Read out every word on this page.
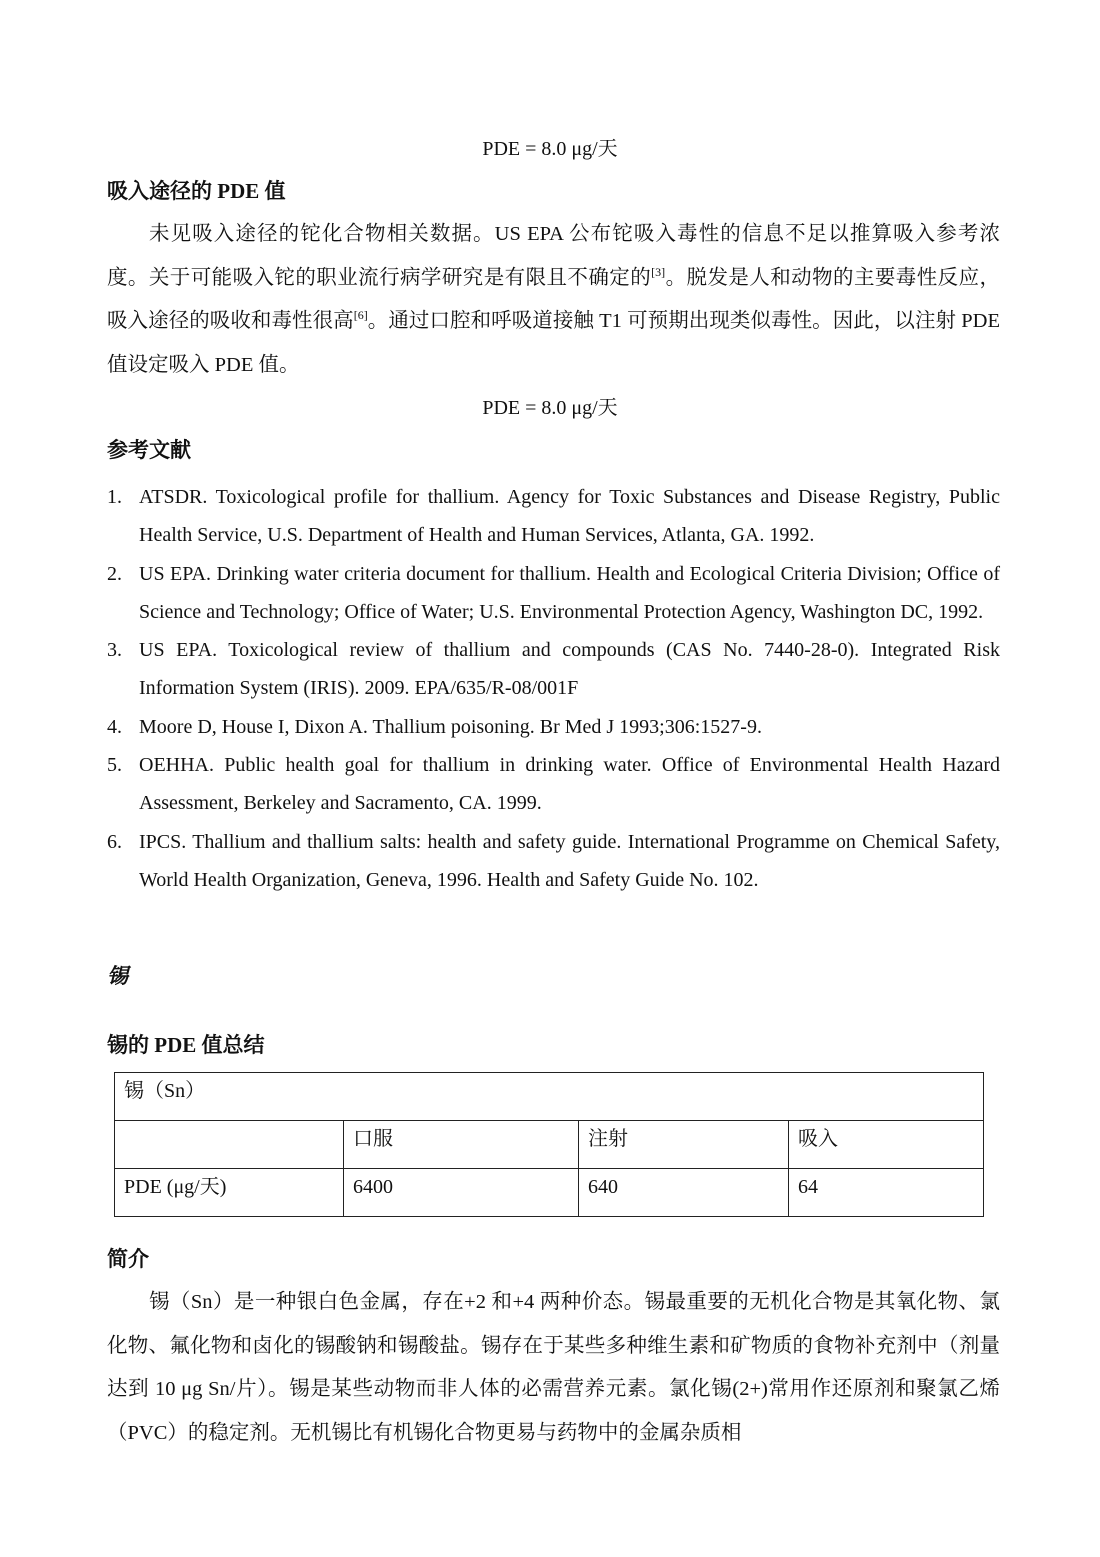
PDE = 8.0 μg/天
吸入途径的 PDE 值

未见吸入途径的铊化合物相关数据。US EPA 公布铊吸入毒性的信息不足以推算吸入参考浓度。关于可能吸入铊的职业流行病学研究是有限且不确定的[3]。脱发是人和动物的主要毒性反应，吸入途径的吸收和毒性很高[6]。通过口腔和呼吸道接触 T1 可预期出现类似毒性。因此，以注射 PDE 值设定吸入 PDE 值。

PDE = 8.0 μg/天
参考文献
1. ATSDR. Toxicological profile for thallium. Agency for Toxic Substances and Disease Registry, Public Health Service, U.S. Department of Health and Human Services, Atlanta, GA. 1992.
2. US EPA. Drinking water criteria document for thallium. Health and Ecological Criteria Division; Office of Science and Technology; Office of Water; U.S. Environmental Protection Agency, Washington DC, 1992.
3. US EPA. Toxicological review of thallium and compounds (CAS No. 7440-28-0). Integrated Risk Information System (IRIS). 2009. EPA/635/R-08/001F
4. Moore D, House I, Dixon A. Thallium poisoning. Br Med J 1993;306:1527-9.
5. OEHHA. Public health goal for thallium in drinking water. Office of Environmental Health Hazard Assessment, Berkeley and Sacramento, CA. 1999.
6. IPCS. Thallium and thallium salts: health and safety guide. International Programme on Chemical Safety, World Health Organization, Geneva, 1996. Health and Safety Guide No. 102.
锡
锡的 PDE 值总结
锡（Sn）			
	口服	注射	吸入
PDE (μg/天)	6400	640	64
简介

锡（Sn）是一种银白色金属，存在+2 和+4 两种价态。锡最重要的无机化合物是其氧化物、氯化物、氟化物和卤化的锡酸钠和锡酸盐。锡存在于某些多种维生素和矿物质的食物补充剂中（剂量达到 10 μg Sn/片）。锡是某些动物而非人体的必需营养元素。氯化锡(2+)常用作还原剂和聚氯乙烯（PVC）的稳定剂。无机锡比有机锡化合物更易与药物中的金属杂质相
